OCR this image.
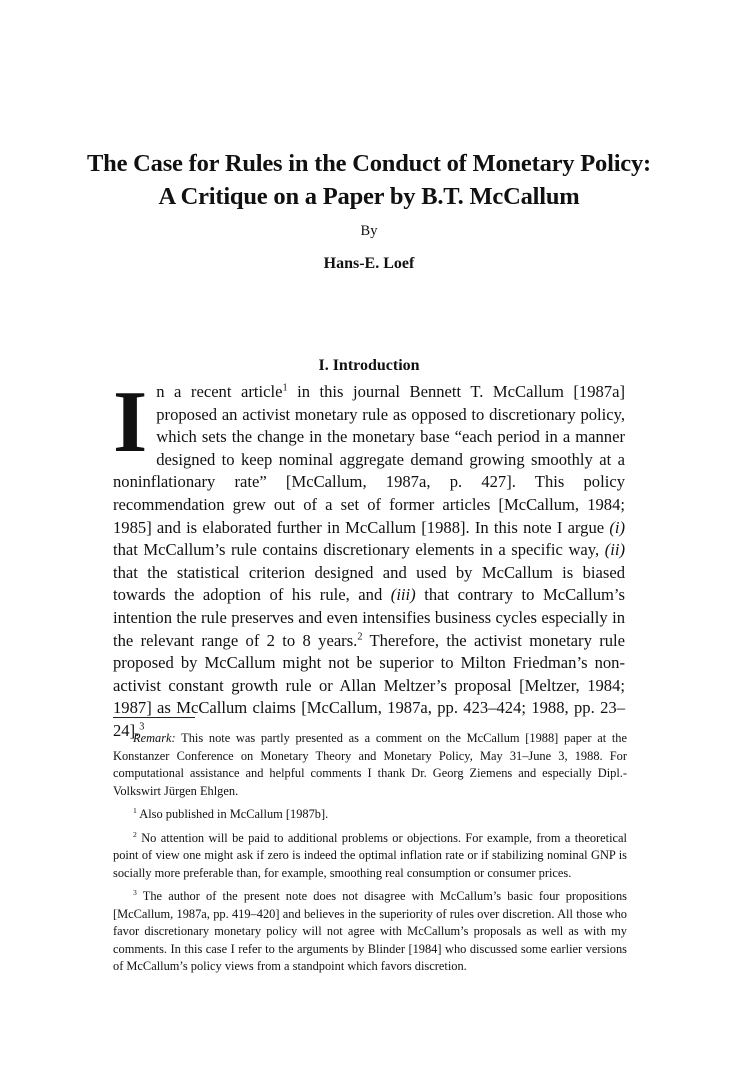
The Case for Rules in the Conduct of Monetary Policy:
A Critique on a Paper by B.T. McCallum
By
Hans-E. Loef
I. Introduction

In a recent article$^1$ in this journal Bennett T. McCallum [1987a] proposed an activist monetary rule as opposed to discretionary policy, which sets the change in the monetary base “each period in a manner designed to keep nominal aggregate demand growing smoothly at a noninflationary rate” [McCallum, 1987a, p. 427]. This policy recommendation grew out of a set of former articles [McCallum, 1984; 1985] and is elaborated further in McCallum [1988]. In this note I argue (i) that McCallum’s rule contains discretionary elements in a specific way, (ii) that the statistical criterion designed and used by McCallum is biased towards the adoption of his rule, and (iii) that contrary to McCallum’s intention the rule preserves and even intensifies business cycles especially in the relevant range of 2 to 8 years.$^2$ Therefore, the activist monetary rule proposed by McCallum might not be superior to Milton Friedman’s non-activist constant growth rule or Allan Meltzer’s proposal [Meltzer, 1984; 1987] as McCallum claims [McCallum, 1987a, pp. 423–424; 1988, pp. 23–24].$^3$

Remark: This note was partly presented as a comment on the McCallum [1988] paper at the Konstanzer Conference on Monetary Theory and Monetary Policy, May 31–June 3, 1988. For computational assistance and helpful comments I thank Dr. Georg Ziemens and especially Dipl.-Volkswirt Jürgen Ehlgen.

$^1$ Also published in McCallum [1987b].

$^2$ No attention will be paid to additional problems or objections. For example, from a theoretical point of view one might ask if zero is indeed the optimal inflation rate or if stabilizing nominal GNP is socially more preferable than, for example, smoothing real consumption or consumer prices.

$^3$ The author of the present note does not disagree with McCallum’s basic four propositions [McCallum, 1987a, pp. 419–420] and believes in the superiority of rules over discretion. All those who favor discretionary monetary policy will not agree with McCallum’s proposals as well as with my comments. In this case I refer to the arguments by Blinder [1984] who discussed some earlier versions of McCallum’s policy views from a standpoint which favors discretion.
